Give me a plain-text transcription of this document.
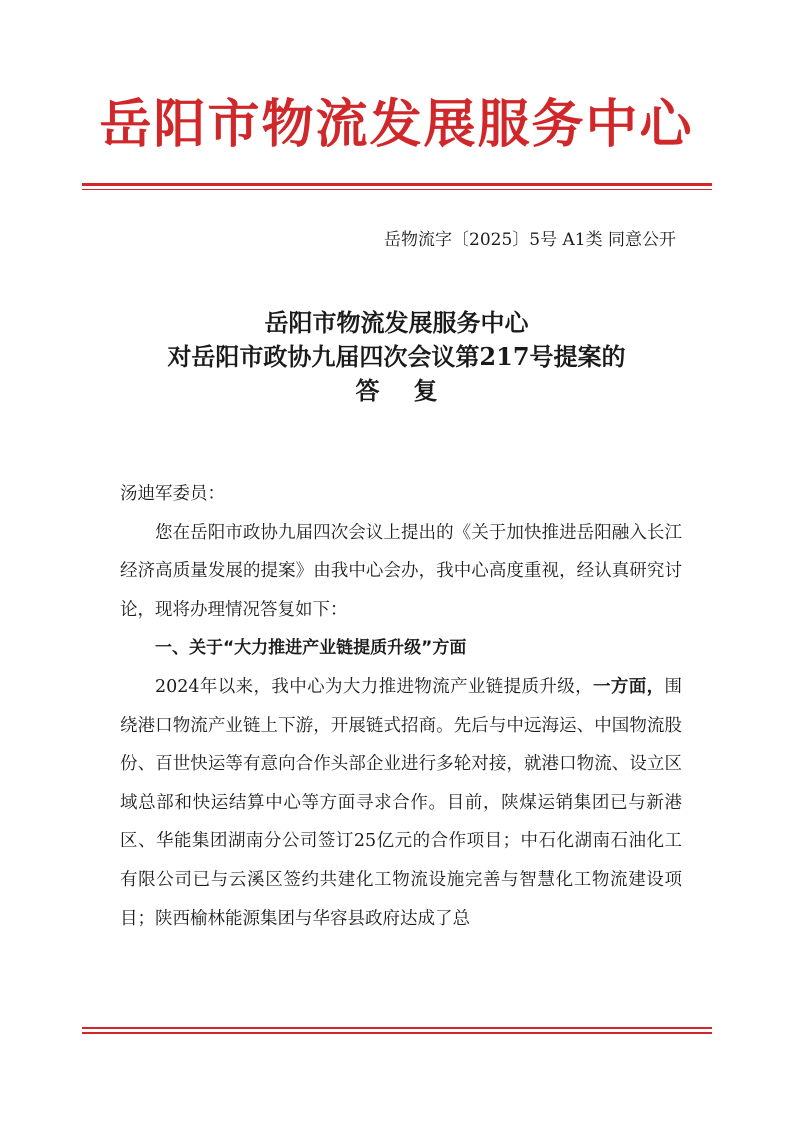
岳阳市物流发展服务中心
岳物流字〔2025〕5号 A1类 同意公开
岳阳市物流发展服务中心
对岳阳市政协九届四次会议第217号提案的
答复

汤迪军委员：

您在岳阳市政协九届四次会议上提出的《关于加快推进岳阳融入长江经济高质量发展的提案》由我中心会办，我中心高度重视，经认真研究讨论，现将办理情况答复如下：

一、关于“大力推进产业链提质升级”方面

2024年以来，我中心为大力推进物流产业链提质升级，一方面，围绕港口物流产业链上下游，开展链式招商。先后与中远海运、中国物流股份、百世快运等有意向合作头部企业进行多轮对接，就港口物流、设立区域总部和快运结算中心等方面寻求合作。目前，陕煤运销集团已与新港区、华能集团湖南分公司签订25亿元的合作项目；中石化湖南石油化工有限公司已与云溪区签约共建化工物流设施完善与智慧化工物流建设项目；陕西榆林能源集团与华容县政府达成了总
